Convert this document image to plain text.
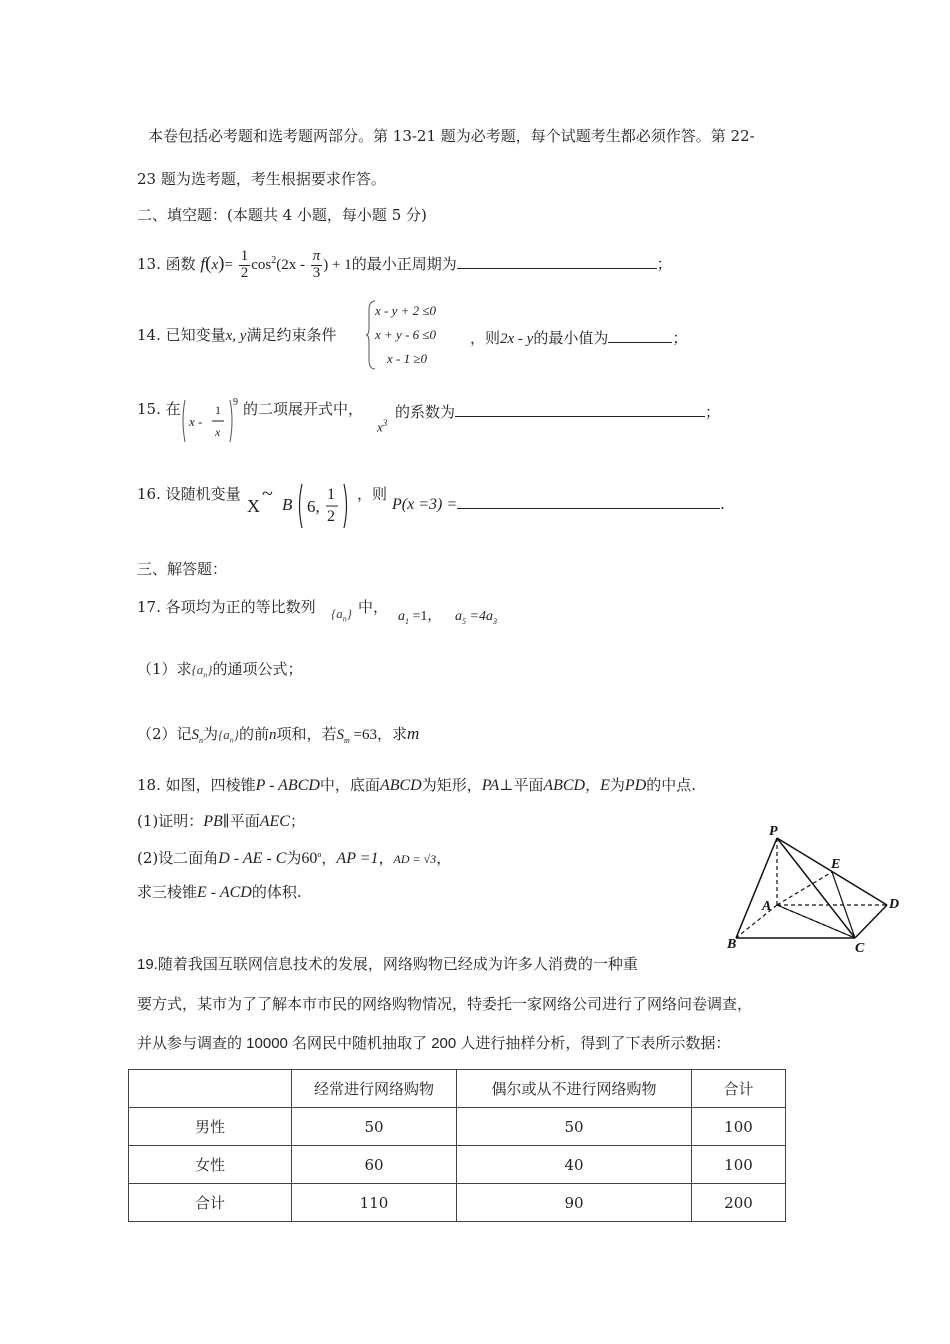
本卷包括必考题和选考题两部分。第 13-21 题为必考题，每个试题考生都必须作答。第 22-
23 题为选考题，考生根据要求作答。
二、填空题：(本题共 4 小题，每小题 5 分)
13. 函数 $f(x)= \frac{1}{2} \cos^2(2x - \frac{\pi}{3}$ ) + 1的最小正周期为	；
14. 已知变量x, y满足约束条件
x - y + 2 ≤0
x + y - 6 ≤0
x - 1 ≥0
，则2x - y的最小值为	；
15. 在
x -
1
x
9 的二项展开式中，
$x^3$
的系数为	；
16. 设随机变量
X
~ B 6,
1
2
，则
P(x =3) =	.
三、解答题：
17. 各项均为正的等比数列 $\{a_n\}$ 中，
$a_1 =1$， $a_5 =4a_3$
（1）求$\{a_n\}$的通项公式；
（2）记$S_n$为$\{a_n\}$的前n项和，若$S_m =63$，求m
18. 如图，四棱锥P - ABCD中，底面ABCD为矩形，PA⊥平面ABCD，E为PD的中点.
(1)证明：PB∥平面AEC；
(2)设二面角D - AE - C为60$^o$，AP =1，AD = √3，
求三棱锥E - ACD的体积.
P
E
A	D
B	C
19.随着我国互联网信息技术的发展，网络购物已经成为许多人消费的一种重
要方式，某市为了了解本市市民的网络购物情况，特委托一家网络公司进行了网络问卷调查，
并从参与调查的 10000 名网民中随机抽取了 200 人进行抽样分析，得到了下表所示数据：
	经常进行网络购物	偶尔或从不进行网络购物	合计
男性	50	50	100
女性	60	40	100
合计	110	90	200
